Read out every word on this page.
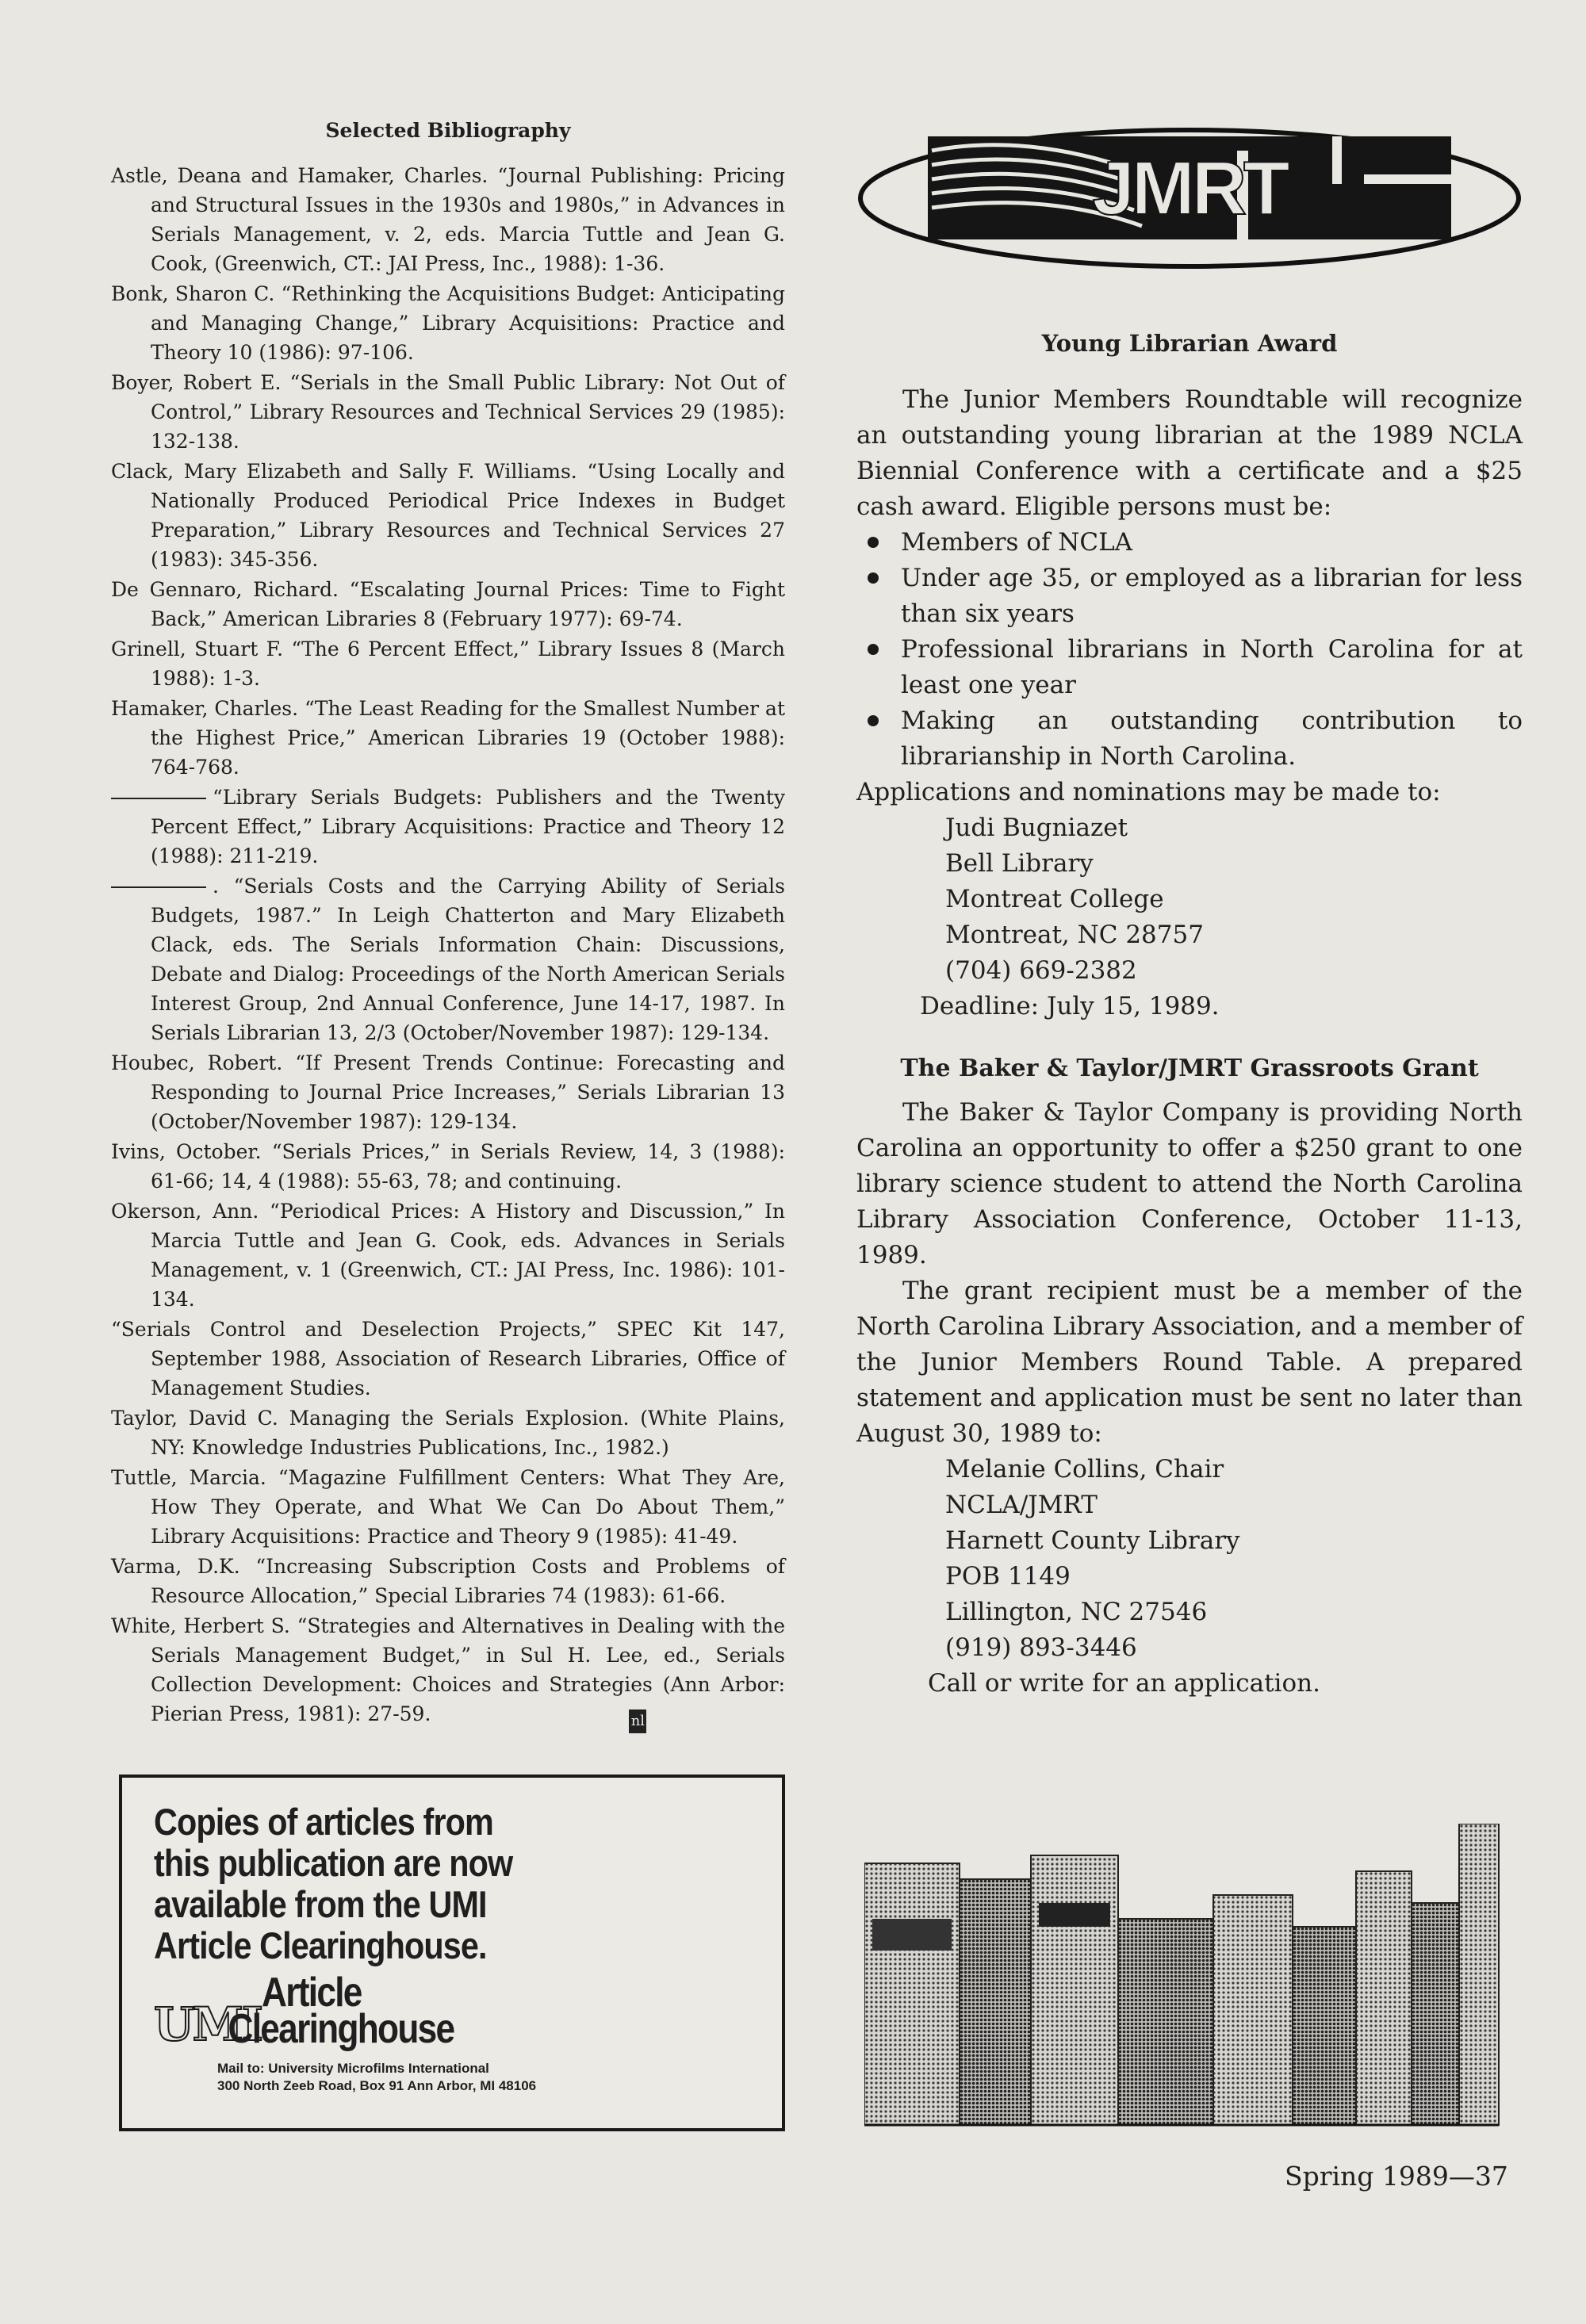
Selected Bibliography
Astle, Deana and Hamaker, Charles. “Journal Publishing: Pricing and Structural Issues in the 1930s and 1980s,” in Advances in Serials Management, v. 2, eds. Marcia Tuttle and Jean G. Cook, (Greenwich, CT.: JAI Press, Inc., 1988): 1-36.
Bonk, Sharon C. “Rethinking the Acquisitions Budget: Anticipating and Managing Change,” Library Acquisitions: Practice and Theory 10 (1986): 97-106.
Boyer, Robert E. “Serials in the Small Public Library: Not Out of Control,” Library Resources and Technical Services 29 (1985): 132-138.
Clack, Mary Elizabeth and Sally F. Williams. “Using Locally and Nationally Produced Periodical Price Indexes in Budget Preparation,” Library Resources and Technical Services 27 (1983): 345-356.
De Gennaro, Richard. “Escalating Journal Prices: Time to Fight Back,” American Libraries 8 (February 1977): 69-74.
Grinell, Stuart F. “The 6 Percent Effect,” Library Issues 8 (March 1988): 1-3.
Hamaker, Charles. “The Least Reading for the Smallest Number at the Highest Price,” American Libraries 19 (October 1988): 764-768.
“Library Serials Budgets: Publishers and the Twenty Percent Effect,” Library Acquisitions: Practice and Theory 12 (1988): 211-219.
. “Serials Costs and the Carrying Ability of Serials Budgets, 1987.” In Leigh Chatterton and Mary Elizabeth Clack, eds. The Serials Information Chain: Discussions, Debate and Dialog: Proceedings of the North American Serials Interest Group, 2nd Annual Conference, June 14-17, 1987. In Serials Librarian 13, 2/3 (October/November 1987): 129-134.
Houbec, Robert. “If Present Trends Continue: Forecasting and Responding to Journal Price Increases,” Serials Librarian 13 (October/November 1987): 129-134.
Ivins, October. “Serials Prices,” in Serials Review, 14, 3 (1988): 61-66; 14, 4 (1988): 55-63, 78; and continuing.
Okerson, Ann. “Periodical Prices: A History and Discussion,” In Marcia Tuttle and Jean G. Cook, eds. Advances in Serials Management, v. 1 (Greenwich, CT.: JAI Press, Inc. 1986): 101-134.
“Serials Control and Deselection Projects,” SPEC Kit 147, September 1988, Association of Research Libraries, Office of Management Studies.
Taylor, David C. Managing the Serials Explosion. (White Plains, NY: Knowledge Industries Publications, Inc., 1982.)
Tuttle, Marcia. “Magazine Fulfillment Centers: What They Are, How They Operate, and What We Can Do About Them,” Library Acquisitions: Practice and Theory 9 (1985): 41-49.
Varma, D.K. “Increasing Subscription Costs and Problems of Resource Allocation,” Special Libraries 74 (1983): 61-66.
White, Herbert S. “Strategies and Alternatives in Dealing with the Serials Management Budget,” in Sul H. Lee, ed., Serials Collection Development: Choices and Strategies (Ann Arbor: Pierian Press, 1981): 27-59.	nl

Copies of articles from
this publication are now
available from the UMI
Article Clearinghouse.

UMI
Article
Clearinghouse
Mail to: University Microfilms International
300 North Zeeb Road, Box 91 Ann Arbor, MI 48106
JMRT
Young Librarian Award

The Junior Members Roundtable will recognize an outstanding young librarian at the 1989 NCLA Biennial Conference with a certificate and a $25 cash award. Eligible persons must be:

Members of NCLA
Under age 35, or employed as a librarian for less than six years
Professional librarians in North Carolina for at least one year
Making an outstanding contribution to librarianship in North Carolina.

Applications and nominations may be made to:

Judi Bugniazet
Bell Library
Montreat College
Montreat, NC 28757
(704) 669-2382

Deadline: July 15, 1989.

The Baker & Taylor/JMRT Grassroots Grant

The Baker & Taylor Company is providing North Carolina an opportunity to offer a $250 grant to one library science student to attend the North Carolina Library Association Conference, October 11-13, 1989.

The grant recipient must be a member of the North Carolina Library Association, and a member of the Junior Members Round Table. A prepared statement and application must be sent no later than August 30, 1989 to:

Melanie Collins, Chair
NCLA/JMRT
Harnett County Library
POB 1149
Lillington, NC 27546
(919) 893-3446

Call or write for an application.

Spring 1989—37
